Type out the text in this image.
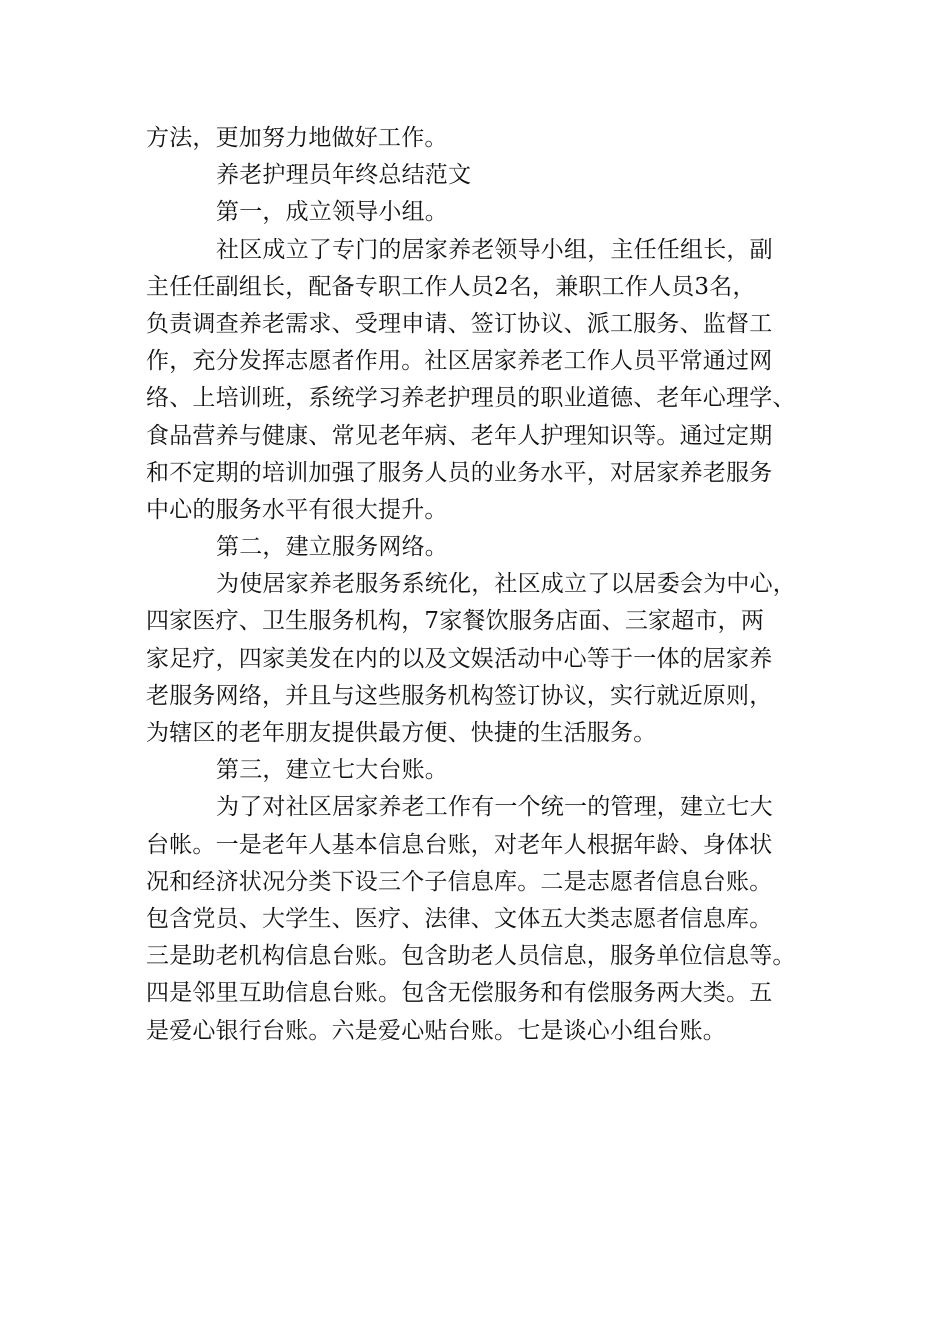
方法，更加努力地做好工作。
养老护理员年终总结范文
第一，成立领导小组。
社区成立了专门的居家养老领导小组，主任任组长，副
主任任副组长，配备专职工作人员2名，兼职工作人员3名，
负责调查养老需求、受理申请、签订协议、派工服务、监督工
作，充分发挥志愿者作用。社区居家养老工作人员平常通过网
络、上培训班，系统学习养老护理员的职业道德、老年心理学、
食品营养与健康、常见老年病、老年人护理知识等。通过定期
和不定期的培训加强了服务人员的业务水平，对居家养老服务
中心的服务水平有很大提升。
第二，建立服务网络。
为使居家养老服务系统化，社区成立了以居委会为中心，
四家医疗、卫生服务机构，7家餐饮服务店面、三家超市，两
家足疗，四家美发在内的以及文娱活动中心等于一体的居家养
老服务网络，并且与这些服务机构签订协议，实行就近原则，
为辖区的老年朋友提供最方便、快捷的生活服务。
第三，建立七大台账。
为了对社区居家养老工作有一个统一的管理，建立七大
台帐。一是老年人基本信息台账，对老年人根据年龄、身体状
况和经济状况分类下设三个子信息库。二是志愿者信息台账。
包含党员、大学生、医疗、法律、文体五大类志愿者信息库。
三是助老机构信息台账。包含助老人员信息，服务单位信息等。
四是邻里互助信息台账。包含无偿服务和有偿服务两大类。五
是爱心银行台账。六是爱心贴台账。七是谈心小组台账。
